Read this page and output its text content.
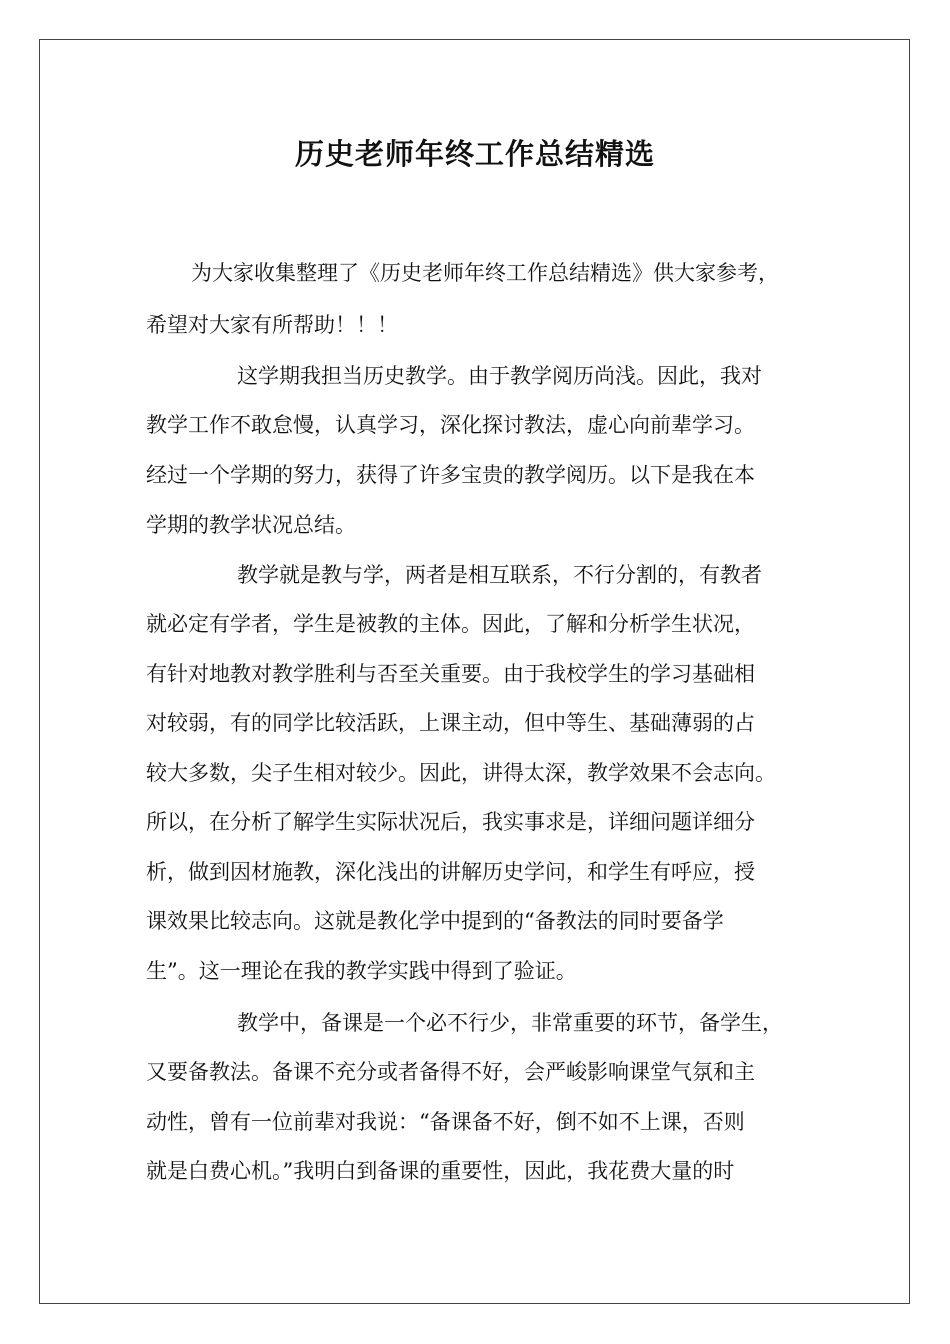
历史老师年终工作总结精选

为大家收集整理了《历史老师年终工作总结精选》供大家参考，

希望对大家有所帮助！！！

这学期我担当历史教学。由于教学阅历尚浅。因此，我对

教学工作不敢怠慢，认真学习，深化探讨教法，虚心向前辈学习。

经过一个学期的努力，获得了许多宝贵的教学阅历。以下是我在本

学期的教学状况总结。

教学就是教与学，两者是相互联系，不行分割的，有教者

就必定有学者，学生是被教的主体。因此，了解和分析学生状况，

有针对地教对教学胜利与否至关重要。由于我校学生的学习基础相

对较弱，有的同学比较活跃，上课主动，但中等生、基础薄弱的占

较大多数，尖子生相对较少。因此，讲得太深，教学效果不会志向。

所以，在分析了解学生实际状况后，我实事求是，详细问题详细分

析，做到因材施教，深化浅出的讲解历史学问，和学生有呼应，授

课效果比较志向。这就是教化学中提到的“备教法的同时要备学

生”。这一理论在我的教学实践中得到了验证。

教学中，备课是一个必不行少，非常重要的环节，备学生，

又要备教法。备课不充分或者备得不好，会严峻影响课堂气氛和主

动性，曾有一位前辈对我说：“备课备不好，倒不如不上课，否则

就是白费心机。”我明白到备课的重要性，因此，我花费大量的时
